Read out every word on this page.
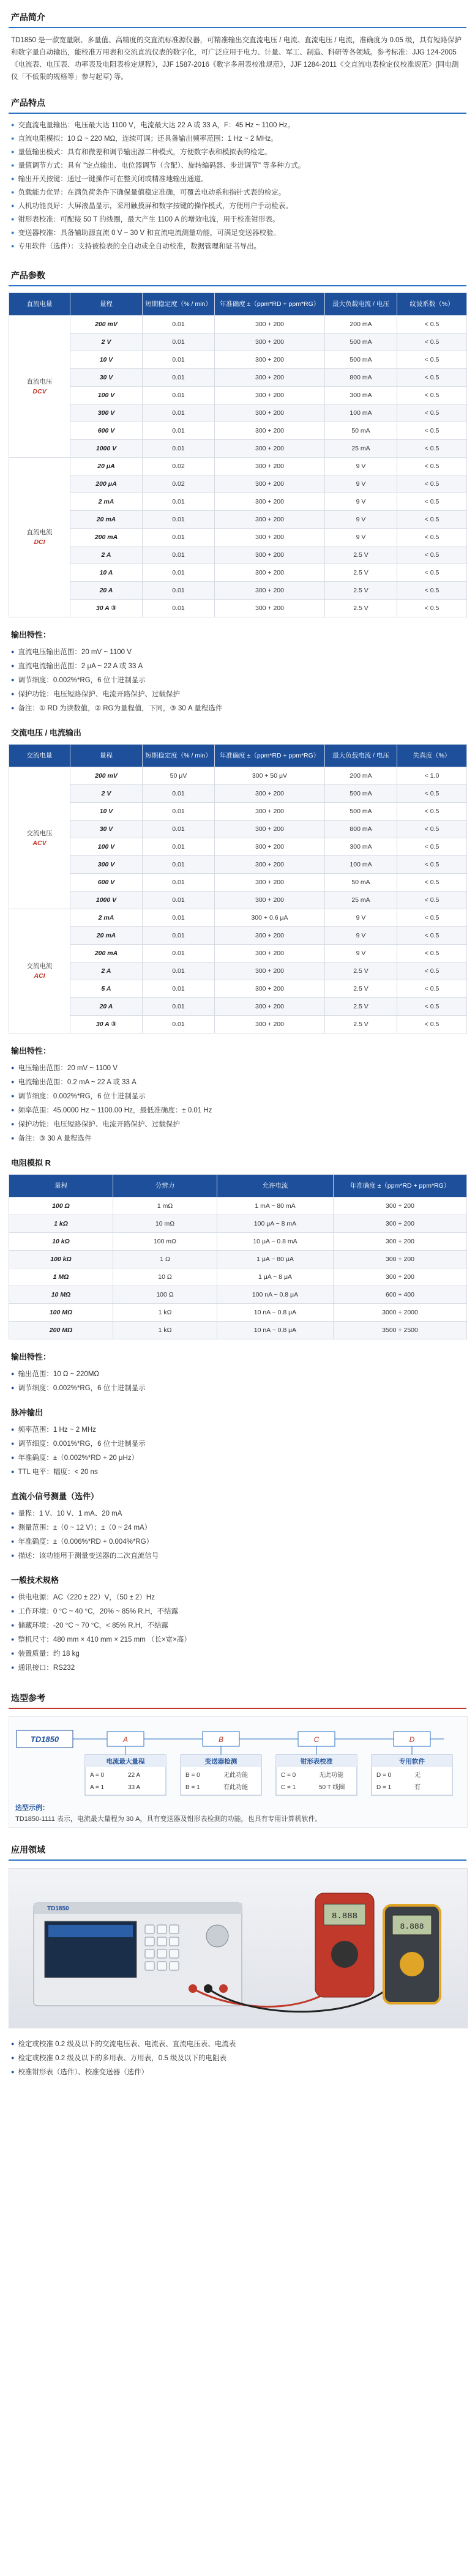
产品简介
TD1850 是一款宽量限、多量值、高精度的交直流标准源仪器，可精准输出交直流电压 / 电流、直流电压 / 电流，准确度为 0.05 级，具有短路保护和数字量自动输出，能校准万用表和交流直流仪表的数字化，可广泛应用于电力、计量、军工、制造、科研等各领域。参考标准：JJG 124-2005《电流表、电压表、功率表及电阻表检定规程》，JJF 1587-2016《数字多用表校准规范》，JJF 1284-2011《交直流电表检定仪校准规范》(同电测仪「不低限的规格等」参与起草) 等。
产品特点
● 交直流电量输出：电压最大达 1100 V，电流最大达 22 A 或 33 A，F：45 Hz ~ 1100 Hz。
● 直流电阻模拟：10 Ω ~ 220 MΩ，连续可调；还具备输出频率范围：1 Hz ~ 2 MHz。
● 量值输出模式：具有和微差和调节输出源二种模式，方便数字表和模拟表的检定。
● 量值调节方式：具有 "定点输出、电位器调节（含配）、旋转编码器、步进调节" 等多种方式。
● 输出开关按键：通过一键操作可在整关闭或精准地输出通道。
● 负载能力优异：在满负荷条件下确保量值稳定准确，可覆盖电动系和指针式表的检定。
● 人机功能良好：大屏液晶显示，采用触摸屏和数字按键的操作模式，方便用户手动检表。
● 钳形表校准：可配接 50 T 的线圈，最大产生 1100 A 的增效电流，用于校准钳形表。
● 变送器校准：具备辅助源直流 0 V ~ 30 V 和直流电流测量功能，可满足变送器校验。
● 专用软件（选件）：支持被检表的全自动或全自动校准，数据管理和证书导出。
产品参数
直流电量	量程	短期稳定度（% / min）	年准确度 ±（ppm*RD + ppm*RG）	最大负载电流 / 电压	纹波系数（%）

直流电压
DCV	200 mV	0.01	300 + 200	200 mA	< 0.5
	2 V	0.01	300 + 200	500 mA	< 0.5
	10 V	0.01	300 + 200	500 mA	< 0.5
	30 V	0.01	300 + 200	800 mA	< 0.5
	100 V	0.01	300 + 200	300 mA	< 0.5
	300 V	0.01	300 + 200	100 mA	< 0.5
	600 V	0.01	300 + 200	50 mA	< 0.5
	1000 V	0.01	300 + 200	25 mA	< 0.5

直流电流
DCI	20 μA	0.02	300 + 200	9 V	< 0.5
	200 μA	0.02	300 + 200	9 V	< 0.5
	2 mA	0.01	300 + 200	9 V	< 0.5
	20 mA	0.01	300 + 200	9 V	< 0.5
	200 mA	0.01	300 + 200	9 V	< 0.5
	2 A	0.01	300 + 200	2.5 V	< 0.5
	10 A	0.01	300 + 200	2.5 V	< 0.5
	20 A	0.01	300 + 200	2.5 V	< 0.5
	30 A ③	0.01	300 + 200	2.5 V	< 0.5
输出特性：
● 直流电压输出范围：20 mV ~ 1100 V
● 直流电流输出范围：2 μA ~ 22 A 或 33 A
● 调节细度：0.002%*RG，6 位十进制显示
● 保护功能：电压短路保护、电流开路保护、过载保护
● 备注：① RD 为读数值，② RG为量程值，下同，③ 30 A 量程选件
交流电压 / 电流输出
交流电量	量程	短期稳定度（% / min）	年准确度 ±（ppm*RD + ppm*RG）	最大负载电流 / 电压	失真度（%）

交流电压
ACV	200 mV	50 μV	300 + 50 μV	200 mA	< 1.0
	2 V	0.01	300 + 200	500 mA	< 0.5
	10 V	0.01	300 + 200	500 mA	< 0.5
	30 V	0.01	300 + 200	800 mA	< 0.5
	100 V	0.01	300 + 200	300 mA	< 0.5
	300 V	0.01	300 + 200	100 mA	< 0.5
	600 V	0.01	300 + 200	50 mA	< 0.5
	1000 V	0.01	300 + 200	25 mA	< 0.5

交流电流
ACI	2 mA	0.01	300 + 0.6 μA	9 V	< 0.5
	20 mA	0.01	300 + 200	9 V	< 0.5
	200 mA	0.01	300 + 200	9 V	< 0.5
	2 A	0.01	300 + 200	2.5 V	< 0.5
	5 A	0.01	300 + 200	2.5 V	< 0.5
	20 A	0.01	300 + 200	2.5 V	< 0.5
	30 A ③	0.01	300 + 200	2.5 V	< 0.5
输出特性：
● 电压输出范围：20 mV ~ 1100 V
● 电流输出范围：0.2 mA ~ 22 A 或 33 A
● 调节细度：0.002%*RG，6 位十进制显示
● 频率范围：45.0000 Hz ~ 1100.00 Hz，最低准确度：± 0.01 Hz
● 保护功能：电压短路保护、电流开路保护、过载保护
● 备注：③ 30 A 量程选件
电阻模拟 R
量程	分辨力	允许电流	年准确度 ±（ppm*RD + ppm*RG）
100 Ω	1 mΩ	1 mA ~ 80 mA	300 + 200
1 kΩ	10 mΩ	100 μA ~ 8 mA	300 + 200
10 kΩ	100 mΩ	10 μA ~ 0.8 mA	300 + 200
100 kΩ	1 Ω	1 μA ~ 80 μA	300 + 200
1 MΩ	10 Ω	1 μA ~ 8 μA	300 + 200
10 MΩ	100 Ω	100 nA ~ 0.8 μA	600 + 400
100 MΩ	1 kΩ	10 nA ~ 0.8 μA	3000 + 2000
200 MΩ	1 kΩ	10 nA ~ 0.8 μA	3500 + 2500
输出特性：
● 输出范围：10 Ω ~ 220MΩ
● 调节细度：0.002%*RG，6 位十进制显示
脉冲输出
● 频率范围：1 Hz ~ 2 MHz
● 调节细度：0.001%*RG，6 位十进制显示
● 年准确度：±（0.002%*RD + 20 μHz）
● TTL 电平：幅度：< 20 ns
直流小信号测量（选件）
● 量程：1 V、10 V、1 mA、20 mA
● 测量范围：±（0 ~ 12 V）；±（0 ~ 24 mA）
● 年准确度：±（0.006%*RD + 0.004%*RG）
● 描述：该功能用于测量变送器的二次直流信号
一般技术规格
● 供电电源：AC（220 ± 22）V，（50 ± 2）Hz
● 工作环境：0 °C ~ 40 °C，20% ~ 85% R.H，不结露
● 储藏环境：-20 °C ~ 70 °C，< 85% R.H，不结露
● 整机尺寸：480 mm × 410 mm × 215 mm （长×宽×高）
● 装置质量：约 18 kg
● 通讯接口：RS232
选型参考
TD1850	A	B	C	D
电流最大量程
A = 0	22 A
A = 1	33 A
变送器检测
B = 0	无此功能
B = 1	有此功能
钳形表校准
C = 0	无此功能
C = 1	50 T 线圈
专用软件
D = 0	无
D = 1	有
选型示例：
TD1850-1111 表示，电流最大量程为 30 A，具有变送器及钳形表检测的功能，也具有专用计算机软件。
应用领域
TD1850
8.888
8.888
● 检定或校准 0.2 级及以下的交流电压表、电流表、直流电压表、电流表
● 检定或校准 0.2 级及以下的多用表、万用表，0.5 级及以下的电阻表
● 校准钳形表（选件）、校准变送器（选件）
